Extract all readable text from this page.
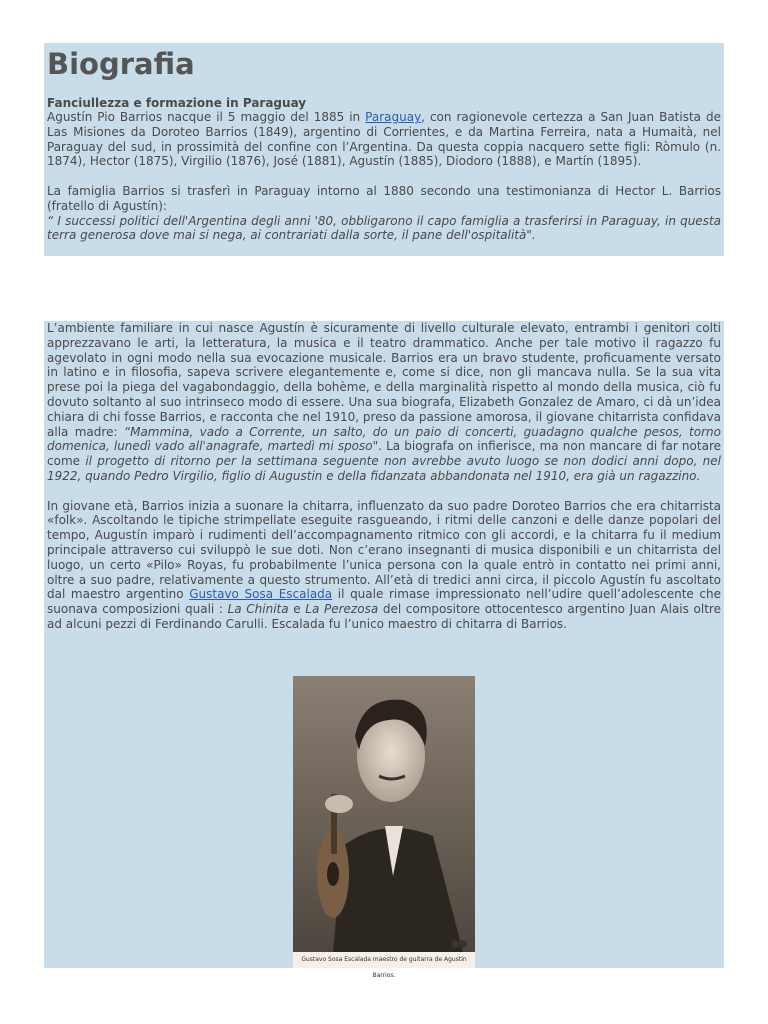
Biografia
Fanciullezza e formazione in Paraguay

Agustín Pio Barrios nacque il 5 maggio del 1885 in Paraguay, con ragionevole certezza a San Juan Batista de Las Misiones da Doroteo Barrios (1849), argentino di Corrientes, e da Martina Ferreira, nata a Humaità, nel Paraguay del sud, in prossimità del confine con l’Argentina. Da questa coppia nacquero sette figli: Ròmulo (n. 1874), Hector (1875), Virgilio (1876), José (1881), Agustín (1885), Diodoro (1888), e Martín (1895).

La famiglia Barrios si trasferì in Paraguay intorno al 1880 secondo una testimonianza di Hector L. Barrios (fratello di Agustín):
“ I successi politici dell'Argentina degli anni '80, obbligarono il capo famiglia a trasferirsi in Paraguay, in questa terra generosa dove mai si nega, ai contrariati dalla sorte, il pane dell'ospitalità".

L’ambiente familiare in cui nasce Agustín è sicuramente di livello culturale elevato, entrambi i genitori colti apprezzavano le arti, la letteratura, la musica e il teatro drammatico. Anche per tale motivo il ragazzo fu agevolato in ogni modo nella sua evocazione musicale. Barrios era un bravo studente, proficuamente versato in latino e in filosofia, sapeva scrivere elegantemente e, come si dice, non gli mancava nulla. Se la sua vita prese poi la piega del vagabondaggio, della bohème, e della marginalità rispetto al mondo della musica, ciò fu dovuto soltanto al suo intrinseco modo di essere. Una sua biografa, Elizabeth Gonzalez de Amaro, ci dà un’idea chiara di chi fosse Barrios, e racconta che nel 1910, preso da passione amorosa, il giovane chitarrista confidava alla madre: “Mammina, vado a Corrente, un salto, do un paio di concerti, guadagno qualche pesos, torno domenica, lunedì vado all'anagrafe, martedì mi sposo". La biografa on infierisce, ma non mancare di far notare come il progetto di ritorno per la settimana seguente non avrebbe avuto luogo se non dodici anni dopo, nel 1922, quando Pedro Virgilio, figlio di Augustin e della fidanzata abbandonata nel 1910, era già un ragazzino.

In giovane età, Barrios inizia a suonare la chitarra, influenzato da suo padre Doroteo Barrios che era chitarrista «folk». Ascoltando le tipiche strimpellate eseguite rasgueando, i ritmi delle canzoni e delle danze popolari del tempo, Augustín imparò i rudimenti dell’accompagnamento ritmico con gli accordi, e la chitarra fu il medium principale attraverso cui sviluppò le sue doti. Non c’erano insegnanti di musica disponibili e un chitarrista del luogo, un certo «Pilo» Royas, fu probabilmente l’unica persona con la quale entrò in contatto nei primi anni, oltre a suo padre, relativamente a questo strumento. All’età di tredici anni circa, il piccolo Agustín fu ascoltato dal maestro argentino Gustavo Sosa Escalada il quale rimase impressionato nell’udire quell’adolescente che suonava composizioni quali : La Chinita e La Perezosa del compositore ottocentesco argentino Juan Alais oltre ad alcuni pezzi di Ferdinando Carulli. Escalada fu l’unico maestro di chitarra di Barrios.

Gustavo Sosa Escalada maestro de guitarra de Agustín Barrios.
